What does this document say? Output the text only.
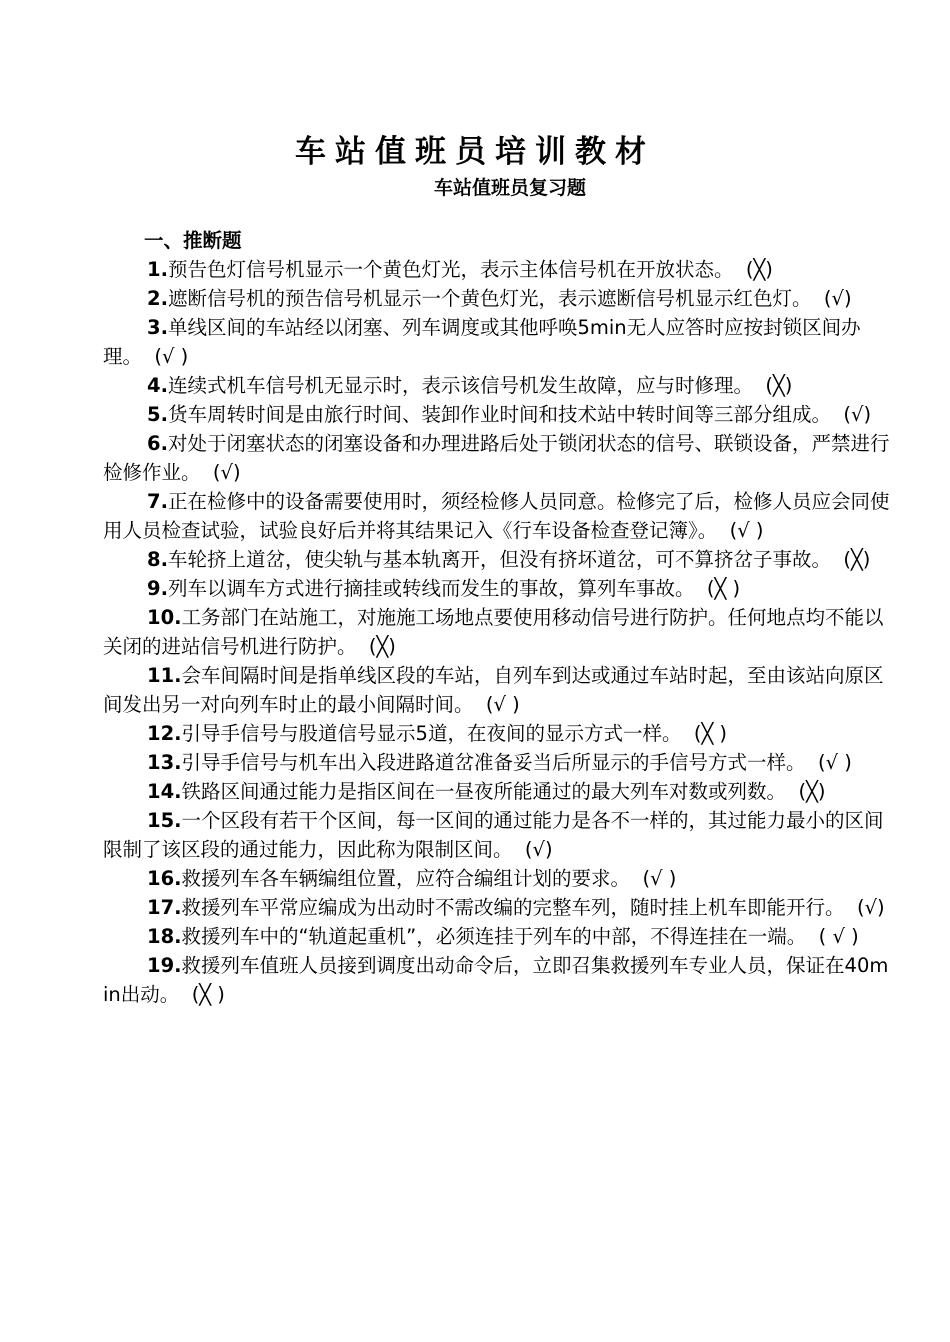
车站值班员培训教材
车站值班员复习题

一、推断题

1.预告色灯信号机显示一个黄色灯光，表示主体信号机在开放状态。 (╳)

2.遮断信号机的预告信号机显示一个黄色灯光，表示遮断信号机显示红色灯。 (√)

3.单线区间的车站经以闭塞、列车调度或其他呼唤5min无人应答时应按封锁区间办理。 (√ )

4.连续式机车信号机无显示时，表示该信号机发生故障，应与时修理。 (╳)

5.货车周转时间是由旅行时间、装卸作业时间和技术站中转时间等三部分组成。 (√)

6.对处于闭塞状态的闭塞设备和办理进路后处于锁闭状态的信号、联锁设备，严禁进行检修作业。 (√)

7.正在检修中的设备需要使用时，须经检修人员同意。检修完了后，检修人员应会同使用人员检查试验，试验良好后并将其结果记入《行车设备检查登记簿》。 (√ )

8.车轮挤上道岔，使尖轨与基本轨离开，但没有挤坏道岔，可不算挤岔子事故。 (╳)

9.列车以调车方式进行摘挂或转线而发生的事故，算列车事故。 (╳ )

10.工务部门在站施工，对施施工场地点要使用移动信号进行防护。任何地点均不能以关闭的进站信号机进行防护。 (╳)

11.会车间隔时间是指单线区段的车站，自列车到达或通过车站时起，至由该站向原区间发出另一对向列车时止的最小间隔时间。 (√ )

12.引导手信号与股道信号显示5道，在夜间的显示方式一样。 (╳ )

13.引导手信号与机车出入段进路道岔准备妥当后所显示的手信号方式一样。 (√ )

14.铁路区间通过能力是指区间在一昼夜所能通过的最大列车对数或列数。 (╳)

15.一个区段有若干个区间，每一区间的通过能力是各不一样的，其过能力最小的区间限制了该区段的通过能力，因此称为限制区间。 (√)

16.救援列车各车辆编组位置，应符合编组计划的要求。 (√ )

17.救援列车平常应编成为出动时不需改编的完整车列，随时挂上机车即能开行。 (√)

18.救援列车中的“轨道起重机”，必须连挂于列车的中部，不得连挂在一端。 ( √ )

19.救援列车值班人员接到调度出动命令后，立即召集救援列车专业人员，保证在40min出动。 (╳ )
